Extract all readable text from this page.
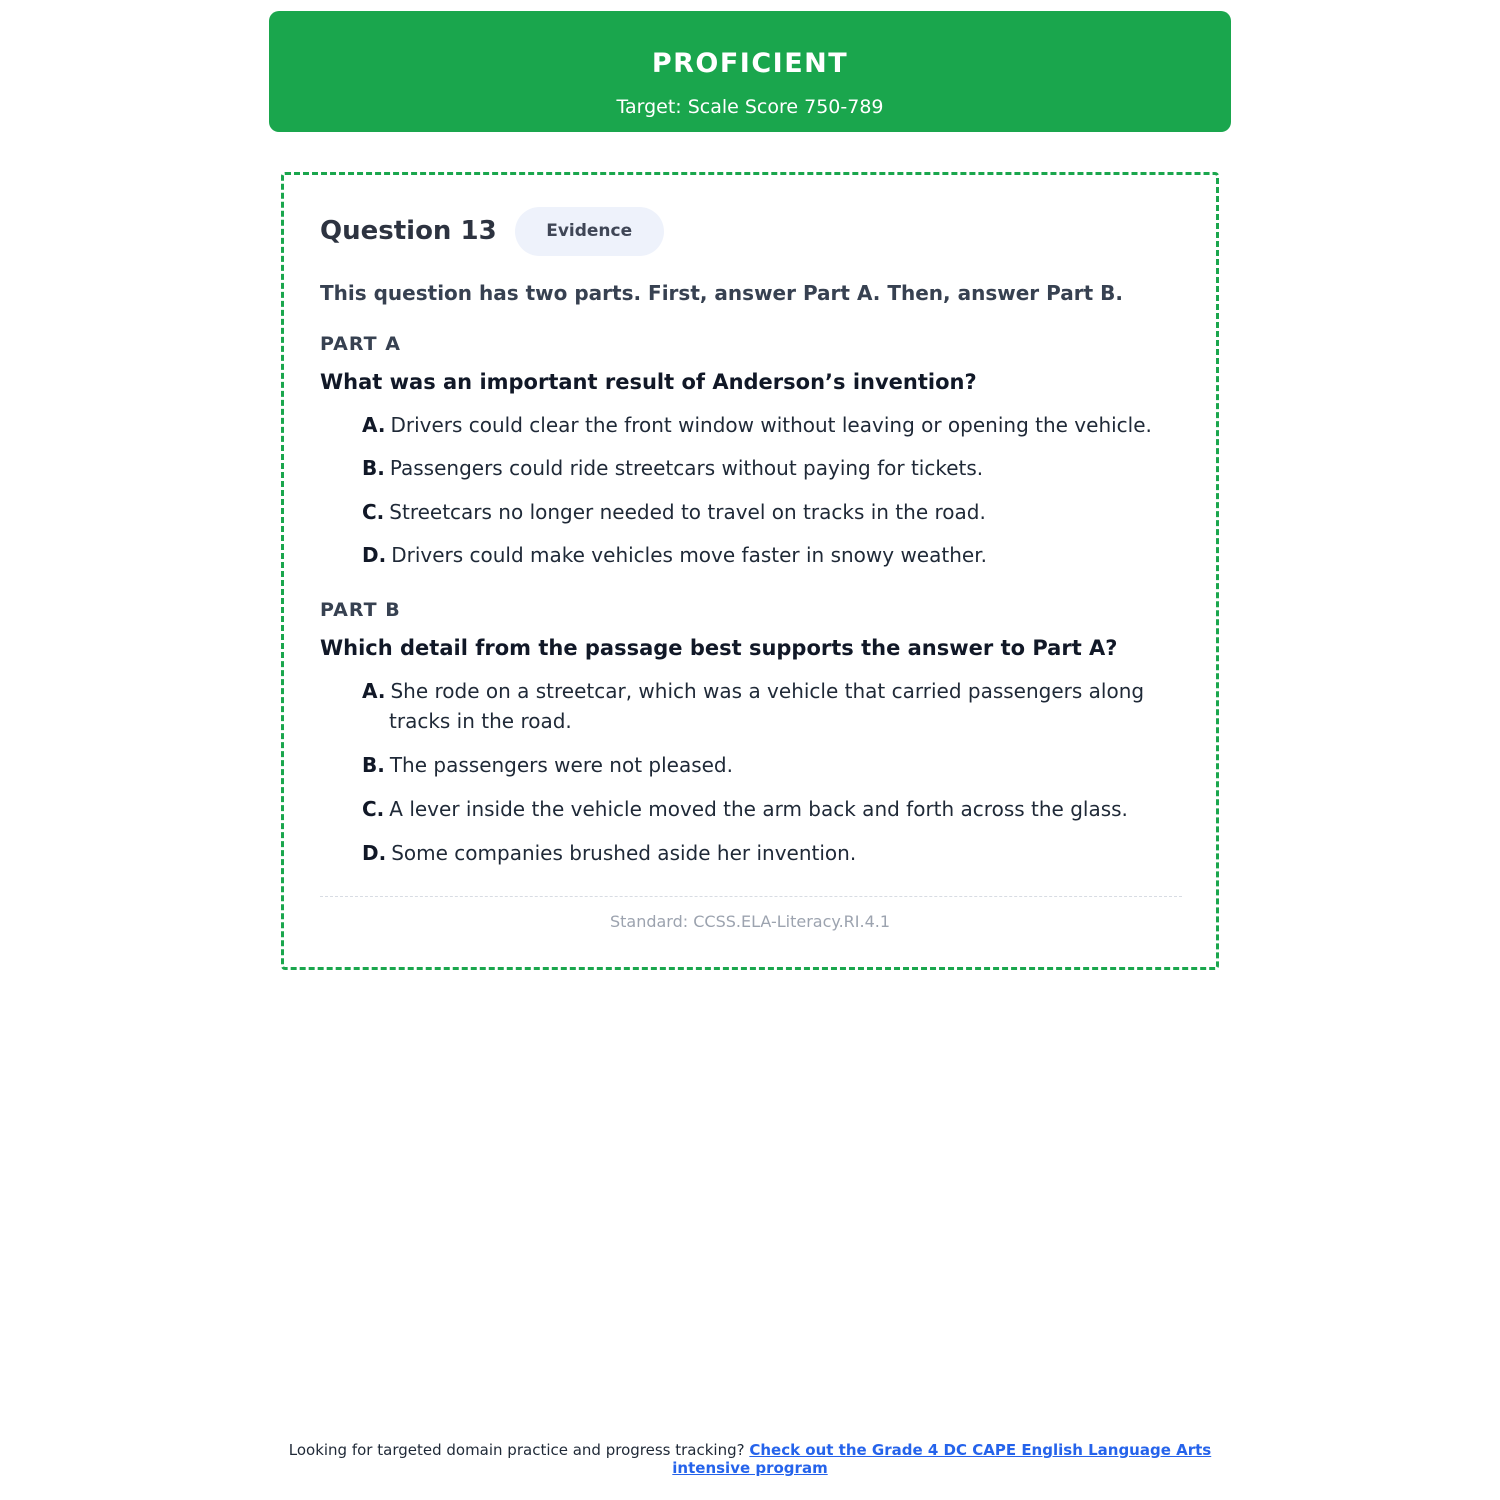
PROFICIENT
Target: Scale Score 750-789
Question 13	Evidence
This question has two parts. First, answer Part A. Then, answer Part B.
PART A
What was an important result of Anderson’s invention?
A. Drivers could clear the front window without leaving or opening the vehicle.
B. Passengers could ride streetcars without paying for tickets.
C. Streetcars no longer needed to travel on tracks in the road.
D. Drivers could make vehicles move faster in snowy weather.
PART B
Which detail from the passage best supports the answer to Part A?
A. She rode on a streetcar, which was a vehicle that carried passengers along tracks in the road.
B. The passengers were not pleased.
C. A lever inside the vehicle moved the arm back and forth across the glass.
D. Some companies brushed aside her invention.
Standard: CCSS.ELA-Literacy.RI.4.1
Looking for targeted domain practice and progress tracking? Check out the Grade 4 DC CAPE English Language Arts intensive program
